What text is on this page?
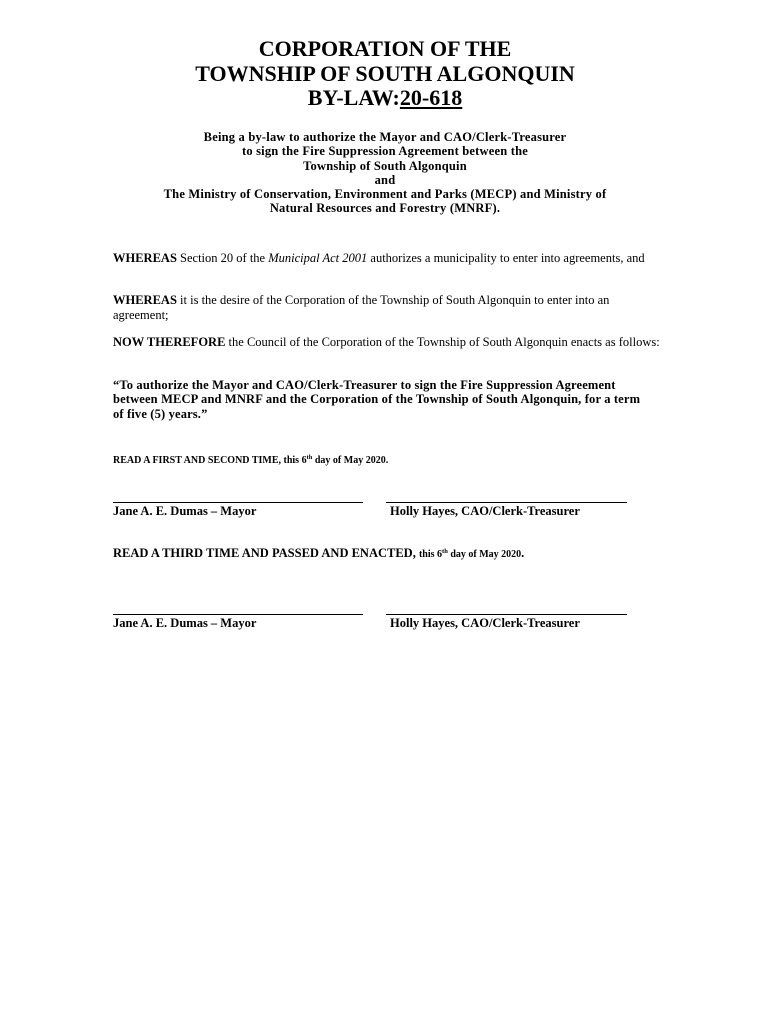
CORPORATION OF THE
TOWNSHIP OF SOUTH ALGONQUIN
BY-LAW:20-618
Being a by-law to authorize the Mayor and CAO/Clerk-Treasurer
to sign the Fire Suppression Agreement between the
Township of South Algonquin
and
The Ministry of Conservation, Environment and Parks (MECP) and Ministry of
Natural Resources and Forestry (MNRF).

WHEREAS Section 20 of the Municipal Act 2001 authorizes a municipality to enter into agreements, and

WHEREAS it is the desire of the Corporation of the Township of South Algonquin to enter into an agreement;

NOW THEREFORE the Council of the Corporation of the Township of South Algonquin enacts as follows:

“To authorize the Mayor and CAO/Clerk-Treasurer to sign the Fire Suppression Agreement between MECP and MNRF and the Corporation of the Township of South Algonquin, for a term of five (5) years.”

READ A FIRST AND SECOND TIME, this 6th day of May 2020.
Jane A. E. Dumas – Mayor	Holly Hayes, CAO/Clerk-Treasurer
READ A THIRD TIME AND PASSED AND ENACTED, this 6th day of May 2020.
Jane A. E. Dumas – Mayor	Holly Hayes, CAO/Clerk-Treasurer
